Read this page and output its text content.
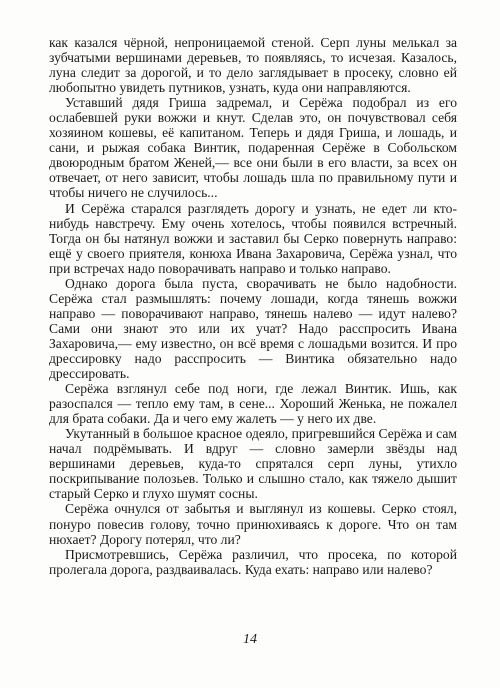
как казался чёрной, непроницаемой стеной. Серп луны мелькал за зубчатыми вершинами деревьев, то появляясь, то исчезая. Казалось, луна следит за дорогой, и то дело заглядывает в просеку, словно ей любопытно увидеть путников, узнать, куда они направляются.

Уставший дядя Гриша задремал, и Серёжа подобрал из его ослабевшей руки вожжи и кнут. Сделав это, он почувствовал себя хозяином кошевы, её капитаном. Теперь и дядя Гриша, и лошадь, и сани, и рыжая собака Винтик, подаренная Серёже в Собольском двоюродным братом Женей,— все они были в его власти, за всех он отвечает, от него зависит, чтобы лошадь шла по правильному пути и чтобы ничего не случилось...

И Серёжа старался разглядеть дорогу и узнать, не едет ли кто-нибудь навстречу. Ему очень хотелось, чтобы появился встречный. Тогда он бы натянул вожжи и заставил бы Серко повернуть направо: ещё у своего приятеля, конюха Ивана Захаровича, Серёжа узнал, что при встречах надо поворачивать направо и только направо.

Однако дорога была пуста, сворачивать не было надобности. Серёжа стал размышлять: почему лошади, когда тянешь вожжи направо — поворачивают направо, тянешь налево — идут налево? Сами они знают это или их учат? Надо расспросить Ивана Захаровича,— ему известно, он всё время с лошадьми возится. И про дрессировку надо расспросить — Винтика обязательно надо дрессировать.

Серёжа взглянул себе под ноги, где лежал Винтик. Ишь, как разоспался — тепло ему там, в сене... Хороший Женька, не пожалел для брата собаки. Да и чего ему жалеть — у него их две.

Укутанный в большое красное одеяло, пригревшийся Серёжа и сам начал подрёмывать. И вдруг — словно замерли звёзды над вершинами деревьев, куда-то спрятался серп луны, утихло поскрипывание полозьев. Только и слышно стало, как тяжело дышит старый Серко и глухо шумят сосны.

Серёжа очнулся от забытья и выглянул из кошевы. Серко стоял, понуро повесив голову, точно принюхиваясь к дороге. Что он там нюхает? Дорогу потерял, что ли?

Присмотревшись, Серёжа различил, что просека, по которой пролегала дорога, раздваивалась. Куда ехать: направо или налево?

14
